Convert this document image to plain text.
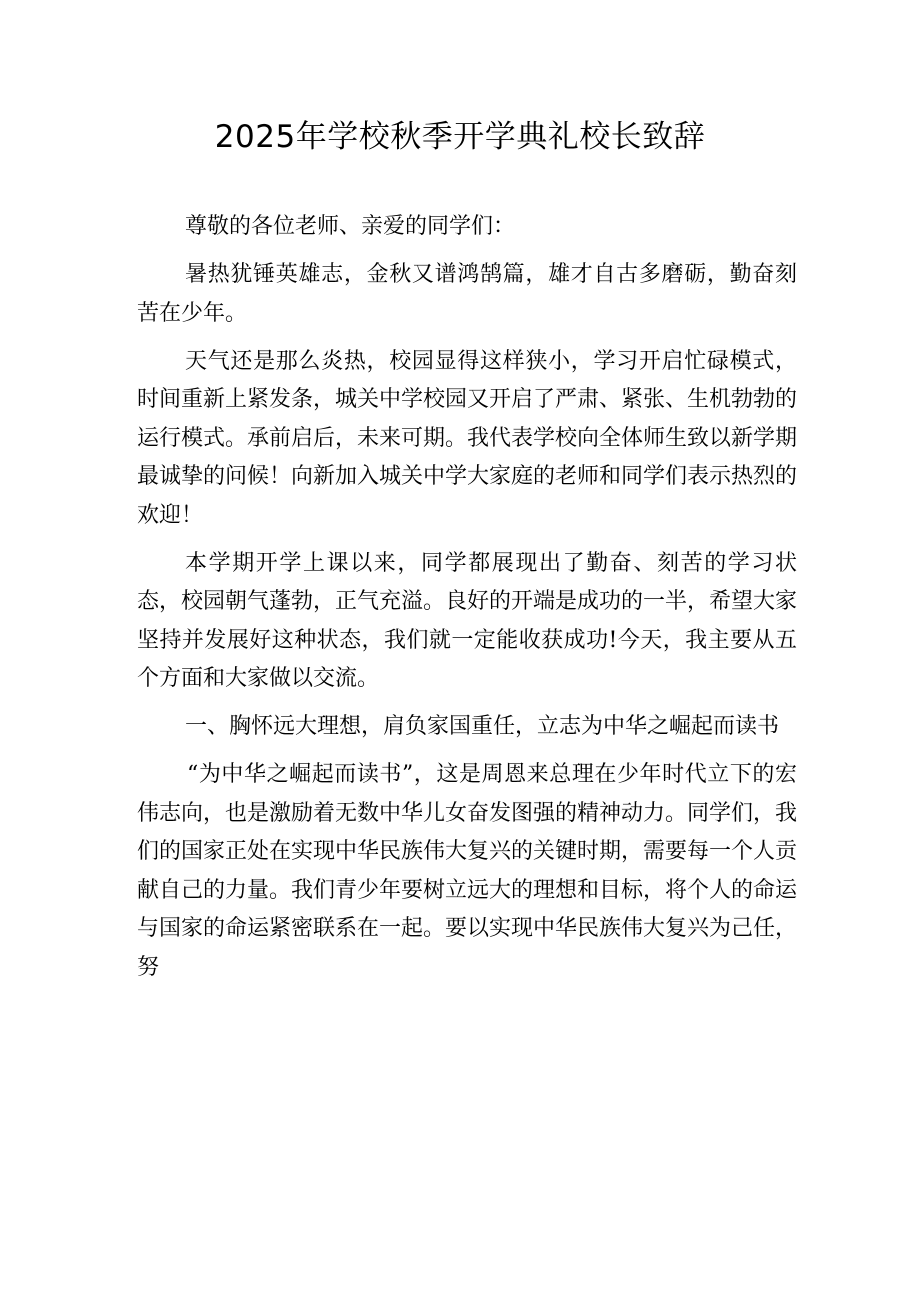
2025年学校秋季开学典礼校长致辞

尊敬的各位老师、亲爱的同学们：

暑热犹锤英雄志，金秋又谱鸿鹄篇，雄才自古多磨砺，勤奋刻苦在少年。

天气还是那么炎热，校园显得这样狭小，学习开启忙碌模式，时间重新上紧发条，城关中学校园又开启了严肃、紧张、生机勃勃的运行模式。承前启后，未来可期。我代表学校向全体师生致以新学期最诚挚的问候！向新加入城关中学大家庭的老师和同学们表示热烈的欢迎！

本学期开学上课以来，同学都展现出了勤奋、刻苦的学习状态，校园朝气蓬勃，正气充溢。良好的开端是成功的一半，希望大家坚持并发展好这种状态，我们就一定能收获成功!今天，我主要从五个方面和大家做以交流。

一、胸怀远大理想，肩负家国重任，立志为中华之崛起而读书

“为中华之崛起而读书”，这是周恩来总理在少年时代立下的宏伟志向，也是激励着无数中华儿女奋发图强的精神动力。同学们，我们的国家正处在实现中华民族伟大复兴的关键时期，需要每一个人贡献自己的力量。我们青少年要树立远大的理想和目标，将个人的命运与国家的命运紧密联系在一起。要以实现中华民族伟大复兴为己任，努
